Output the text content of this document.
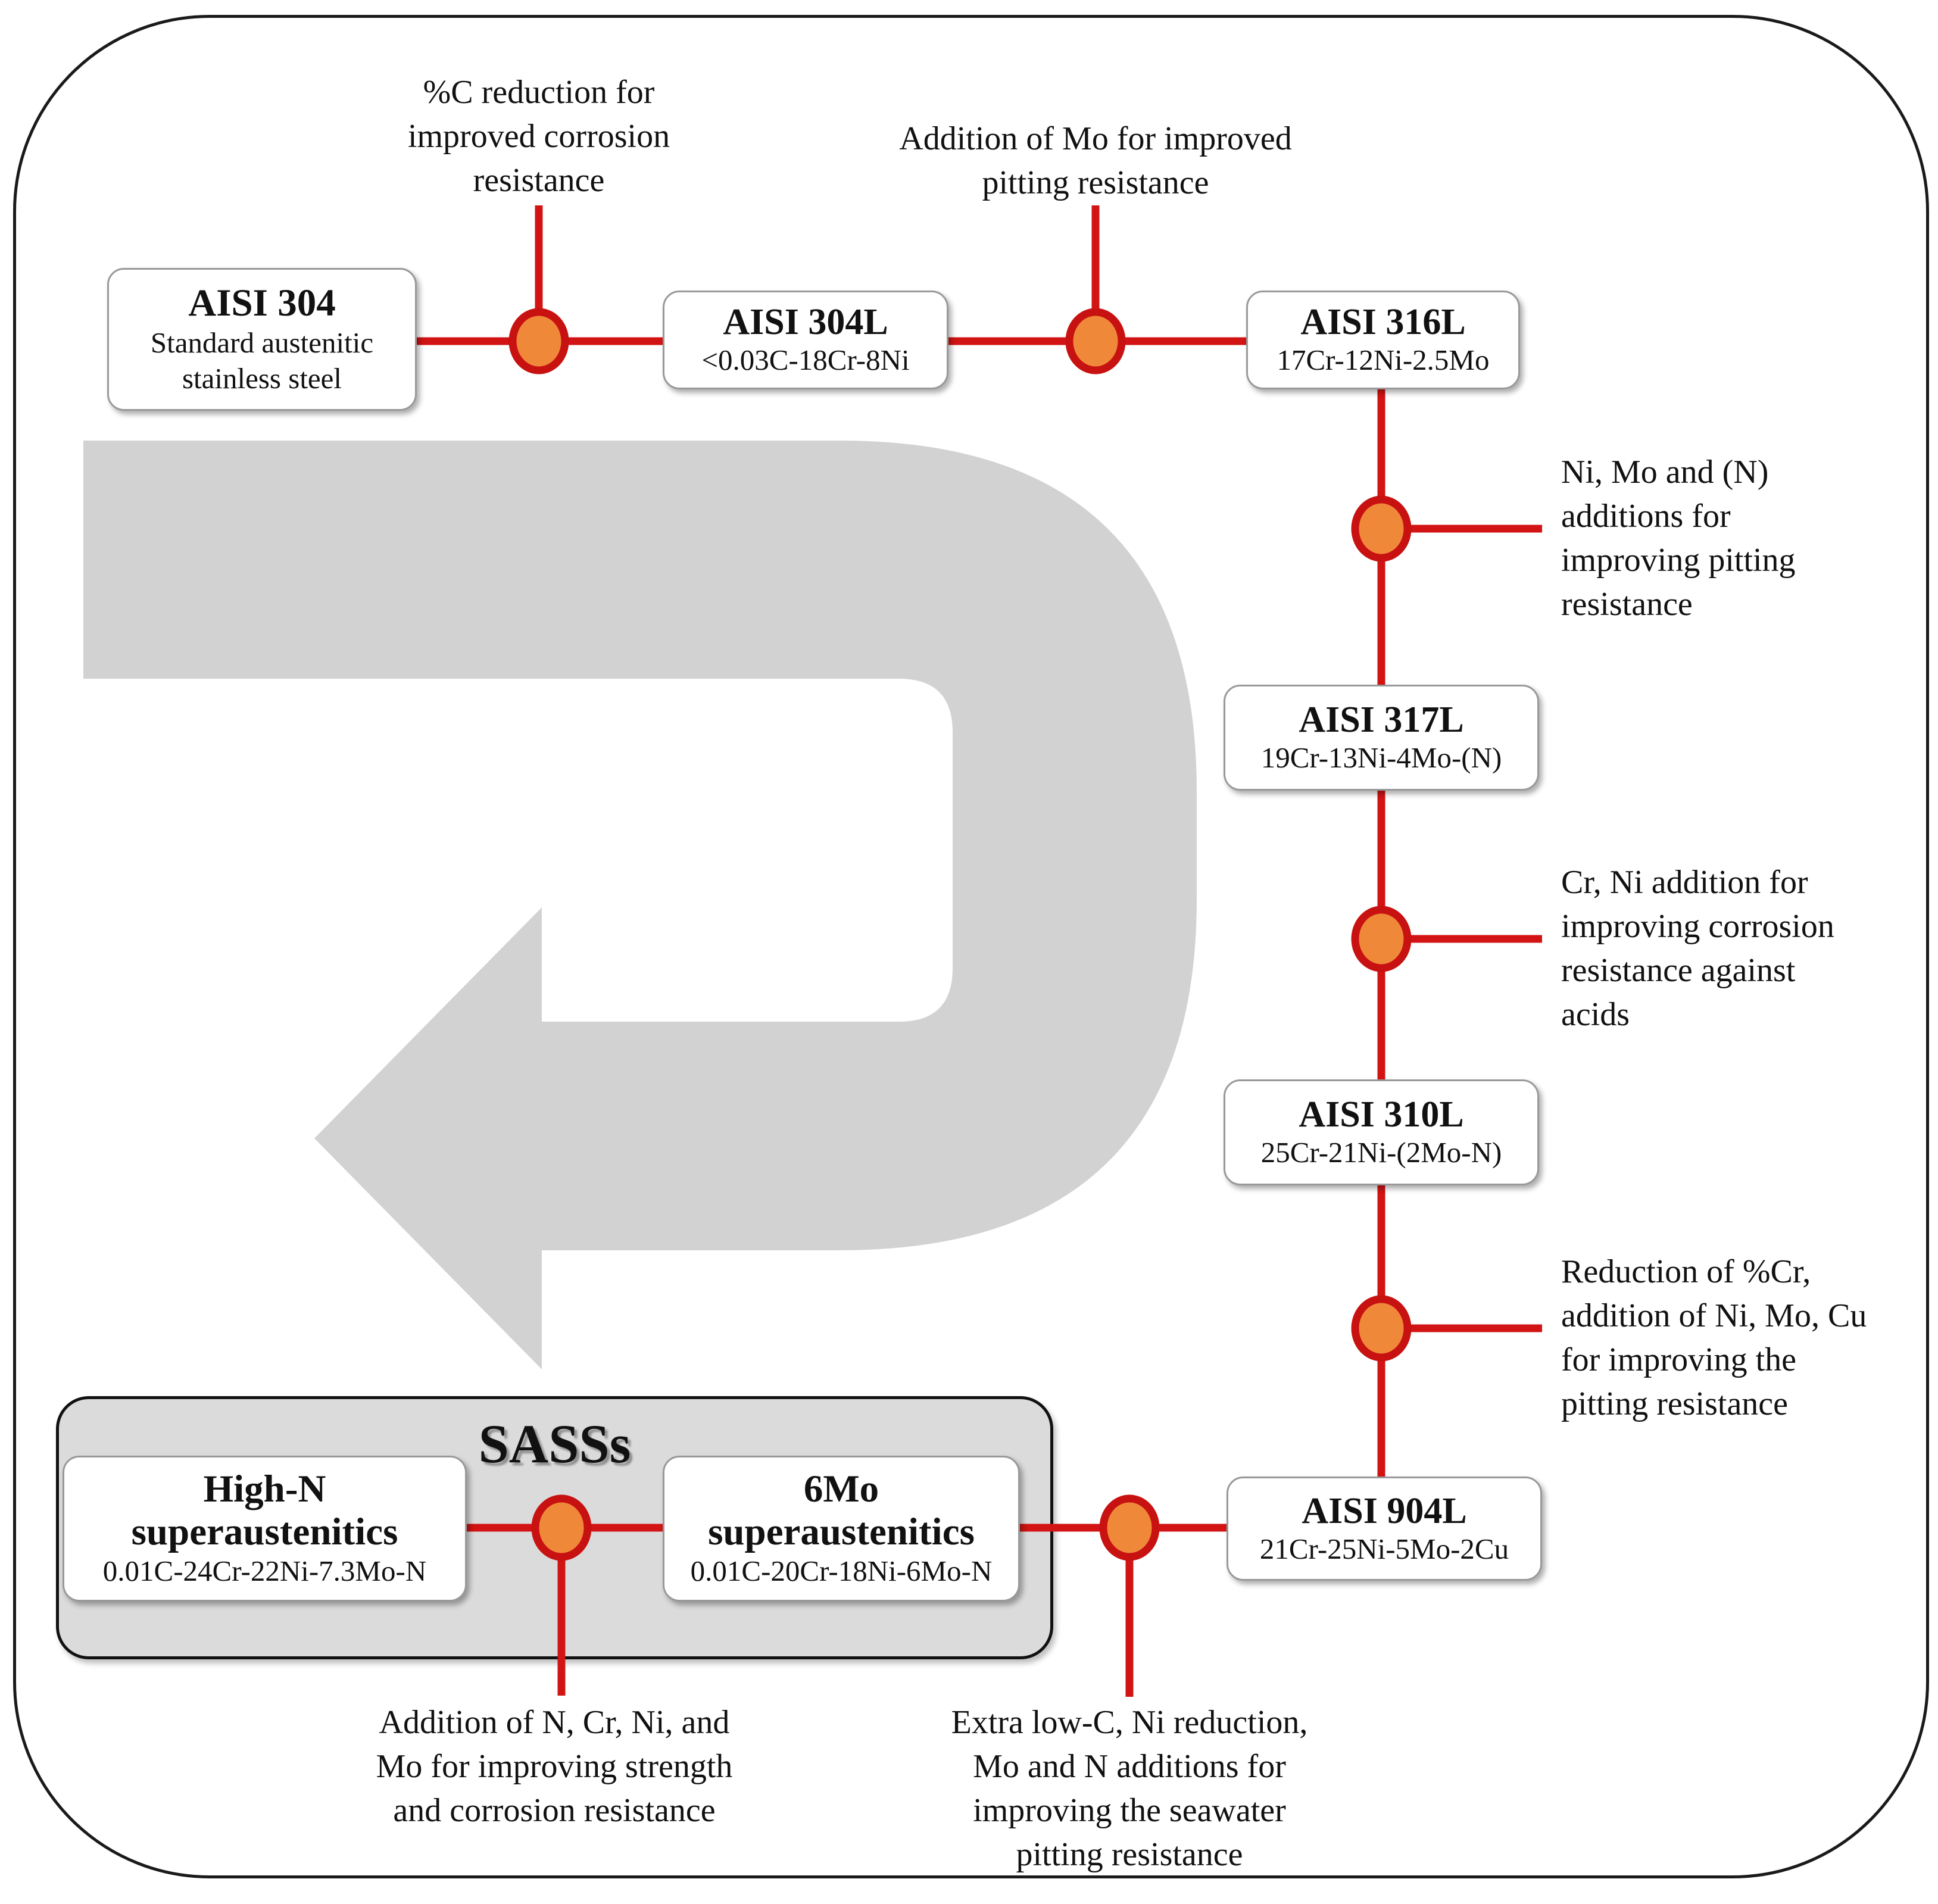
SASSs
AISI 304
Standard austenitic
stainless steel
AISI 304L
<0.03C-18Cr-8Ni
AISI 316L
17Cr-12Ni-2.5Mo
AISI 317L
19Cr-13Ni-4Mo-(N)
AISI 310L
25Cr-21Ni-(2Mo-N)
AISI 904L
21Cr-25Ni-5Mo-2Cu
High-N
superaustenitics
0.01C-24Cr-22Ni-7.3Mo-N
6Mo
superaustenitics
0.01C-20Cr-18Ni-6Mo-N
%C reduction for
improved corrosion
resistance
Addition of Mo for improved
pitting resistance
Ni, Mo and (N)
additions for
improving pitting
resistance
Cr, Ni addition for
improving corrosion
resistance against
acids
Reduction of %Cr,
addition of Ni, Mo, Cu
for improving the
pitting resistance
Addition of N, Cr, Ni, and
Mo for improving strength
and corrosion resistance
Extra low-C, Ni reduction,
Mo and N additions for
improving the seawater
pitting resistance
